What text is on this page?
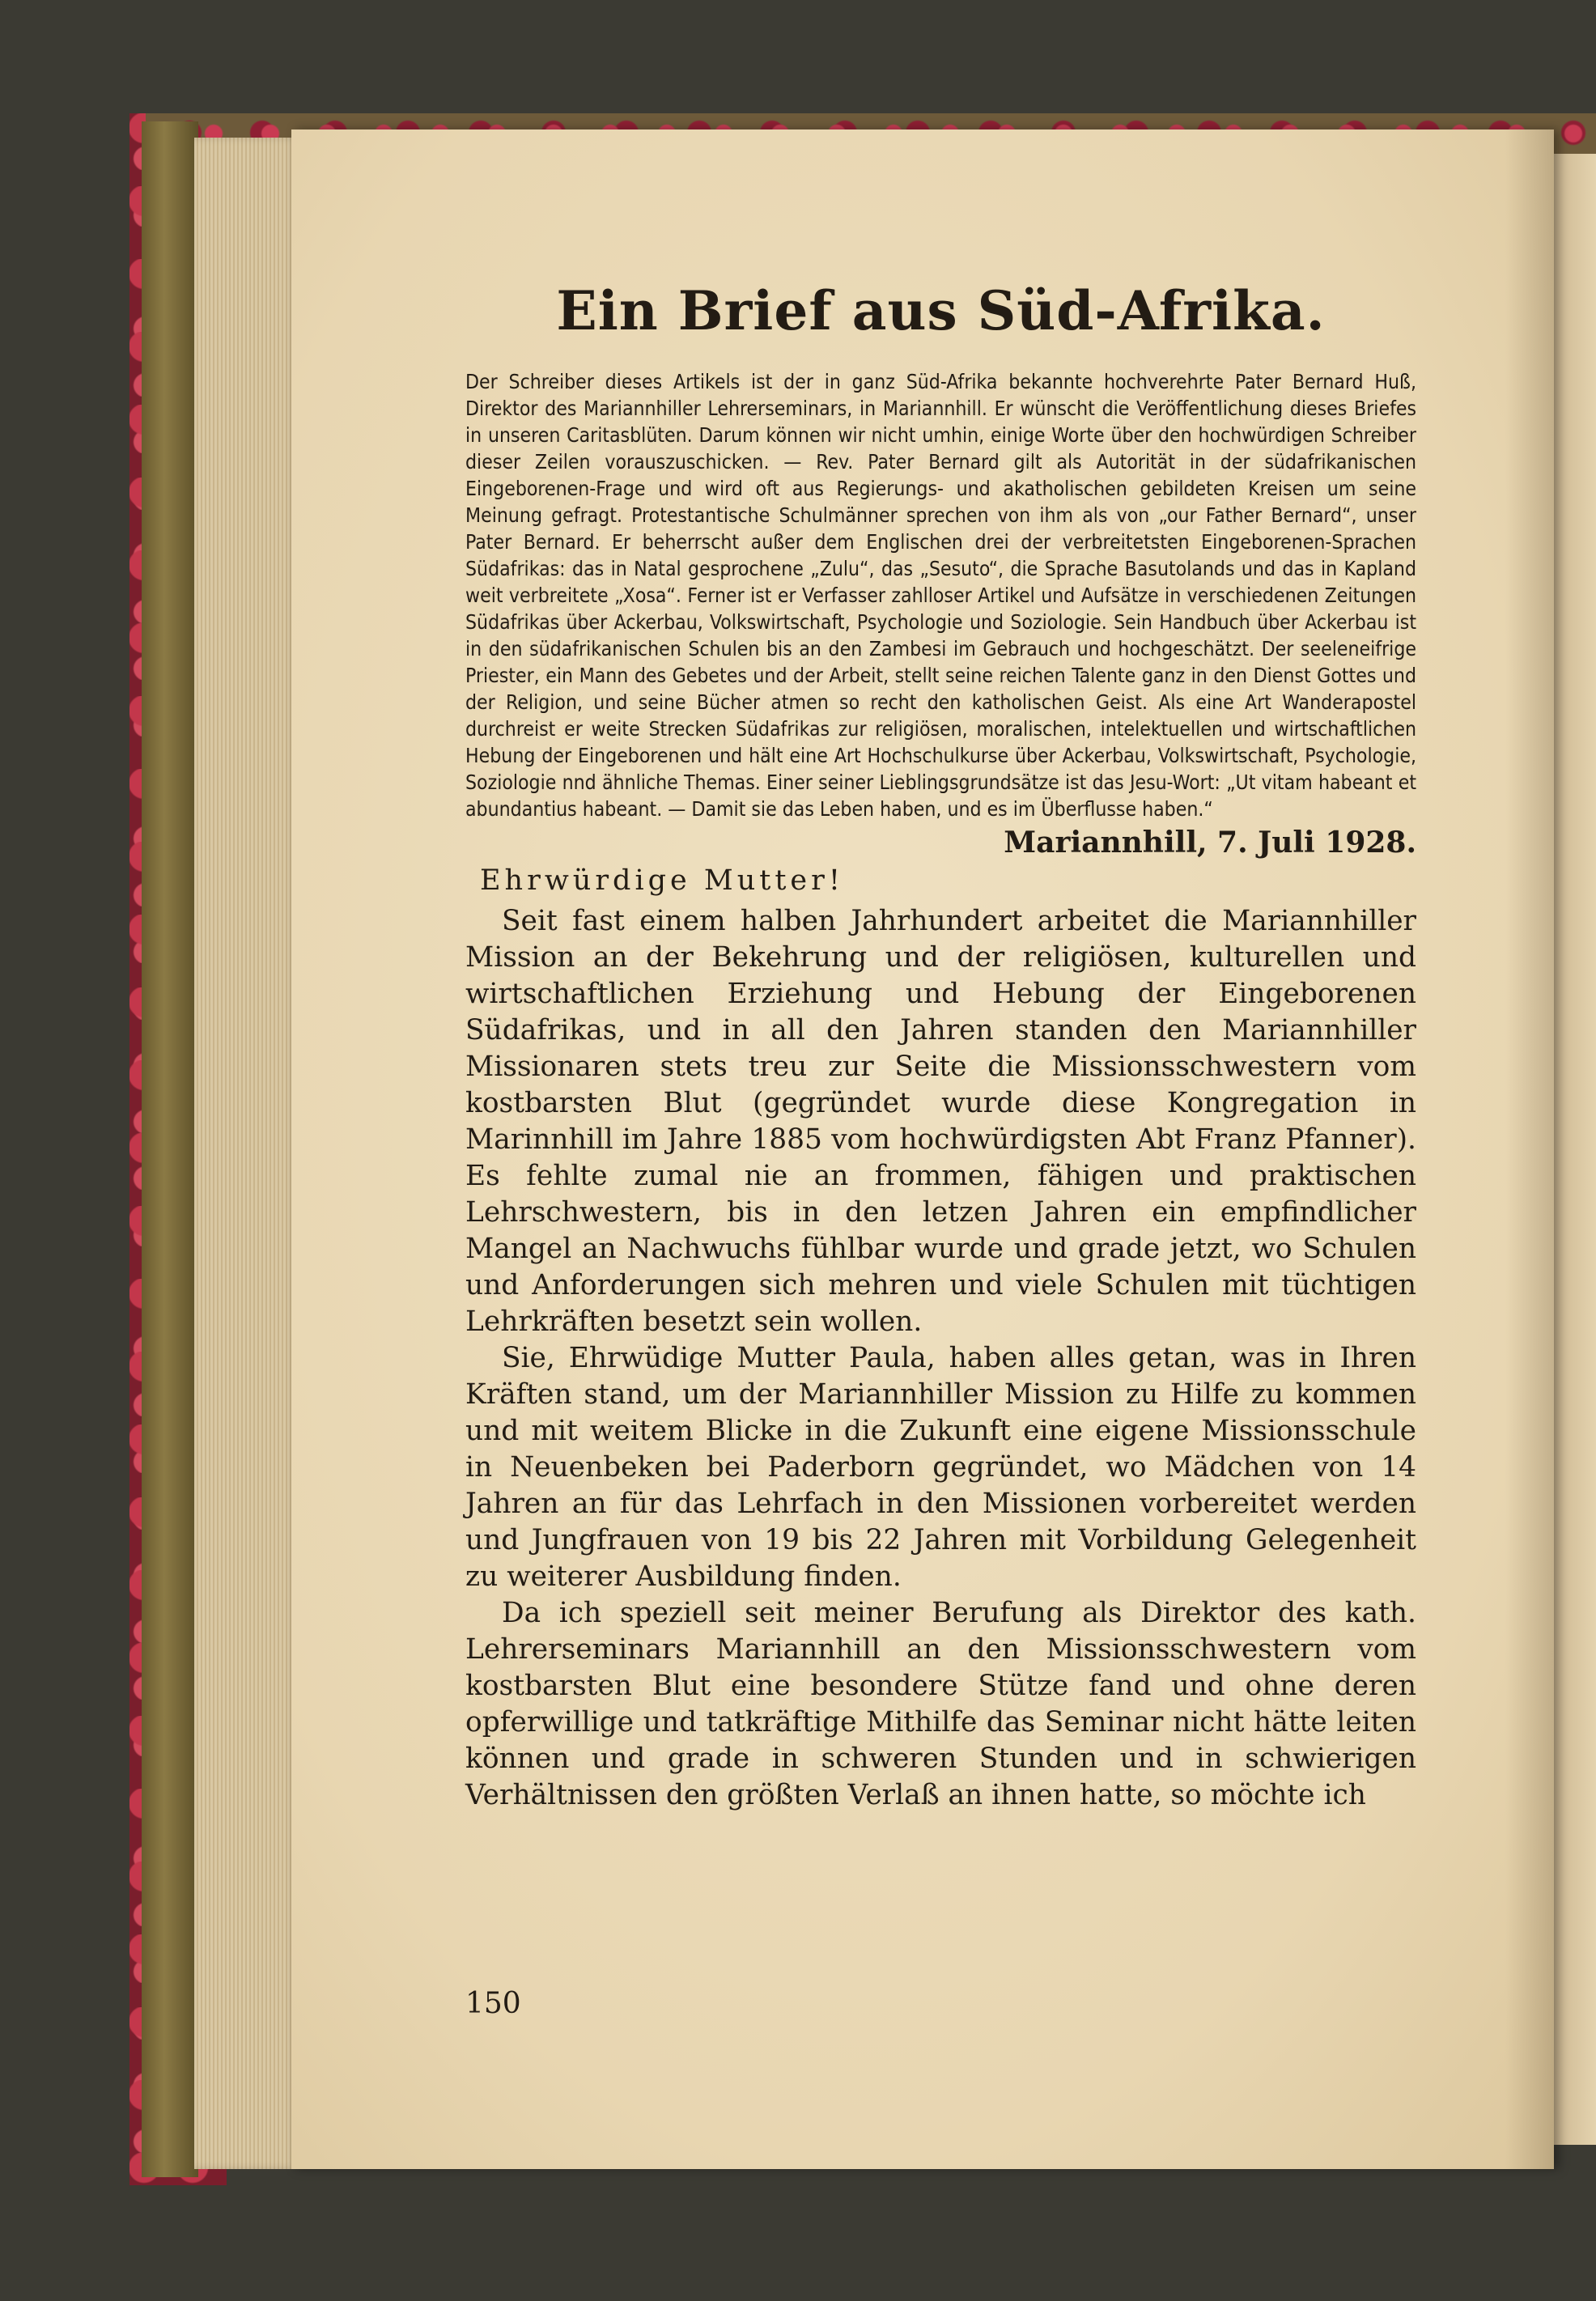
Ein Brief aus Süd-Afrika.

Der Schreiber dieses Artikels ist der in ganz Süd-Afrika bekannte hochverehrte Pater Bernard Huß, Direktor des Mariannhiller Lehrerseminars, in Mariannhill. Er wünscht die Veröffentlichung dieses Briefes in unseren Caritasblüten. Darum können wir nicht umhin, einige Worte über den hochwürdigen Schreiber dieser Zeilen vorauszuschicken. — Rev. Pater Bernard gilt als Autorität in der südafrikanischen Eingeborenen-Frage und wird oft aus Regierungs- und akatholischen gebildeten Kreisen um seine Meinung gefragt. Protestantische Schulmänner sprechen von ihm als von „our Father Bernard“, unser Pater Bernard. Er beherrscht außer dem Englischen drei der verbreitetsten Eingeborenen-Sprachen Südafrikas: das in Natal gesprochene „Zulu“, das „Sesuto“, die Sprache Basutolands und das in Kapland weit verbreitete „Xosa“. Ferner ist er Verfasser zahlloser Artikel und Aufsätze in verschiedenen Zeitungen Südafrikas über Ackerbau, Volkswirtschaft, Psychologie und Soziologie. Sein Handbuch über Ackerbau ist in den südafrikanischen Schulen bis an den Zambesi im Gebrauch und hochgeschätzt. Der seeleneifrige Priester, ein Mann des Gebetes und der Arbeit, stellt seine reichen Talente ganz in den Dienst Gottes und der Religion, und seine Bücher atmen so recht den katholischen Geist. Als eine Art Wanderapostel durchreist er weite Strecken Südafrikas zur religiösen, moralischen, intelektuellen und wirtschaftlichen Hebung der Eingeborenen und hält eine Art Hochschulkurse über Ackerbau, Volkswirtschaft, Psychologie, Soziologie nnd ähnliche Themas. Einer seiner Lieblingsgrundsätze ist das Jesu-Wort: „Ut vitam habeant et abundantius habeant. — Damit sie das Leben haben, und es im Überflusse haben.“

Mariannhill, 7. Juli 1928.
Ehrwürdige Mutter!

Seit fast einem halben Jahrhundert arbeitet die Mariannhiller Mission an der Bekehrung und der religiösen, kulturellen und wirtschaftlichen Erziehung und Hebung der Eingeborenen Südafrikas, und in all den Jahren standen den Mariannhiller Missionaren stets treu zur Seite die Missionsschwestern vom kostbarsten Blut (gegründet wurde diese Kongregation in Marinnhill im Jahre 1885 vom hochwürdigsten Abt Franz Pfanner). Es fehlte zumal nie an frommen, fähigen und praktischen Lehrschwestern, bis in den letzen Jahren ein empfindlicher Mangel an Nachwuchs fühlbar wurde und grade jetzt, wo Schulen und Anforderungen sich mehren und viele Schulen mit tüchtigen Lehrkräften besetzt sein wollen.

Sie, Ehrwüdige Mutter Paula, haben alles getan, was in Ihren Kräften stand, um der Mariannhiller Mission zu Hilfe zu kommen und mit weitem Blicke in die Zukunft eine eigene Missionsschule in Neuenbeken bei Paderborn gegründet, wo Mädchen von 14 Jahren an für das Lehrfach in den Missionen vorbereitet werden und Jungfrauen von 19 bis 22 Jahren mit Vorbildung Gelegenheit zu weiterer Ausbildung finden.

Da ich speziell seit meiner Berufung als Direktor des kath. Lehrerseminars Mariannhill an den Missionsschwestern vom kostbarsten Blut eine besondere Stütze fand und ohne deren opferwillige und tatkräftige Mithilfe das Seminar nicht hätte leiten können und grade in schweren Stunden und in schwierigen Verhältnissen den größten Verlaß an ihnen hatte, so möchte ich

150
